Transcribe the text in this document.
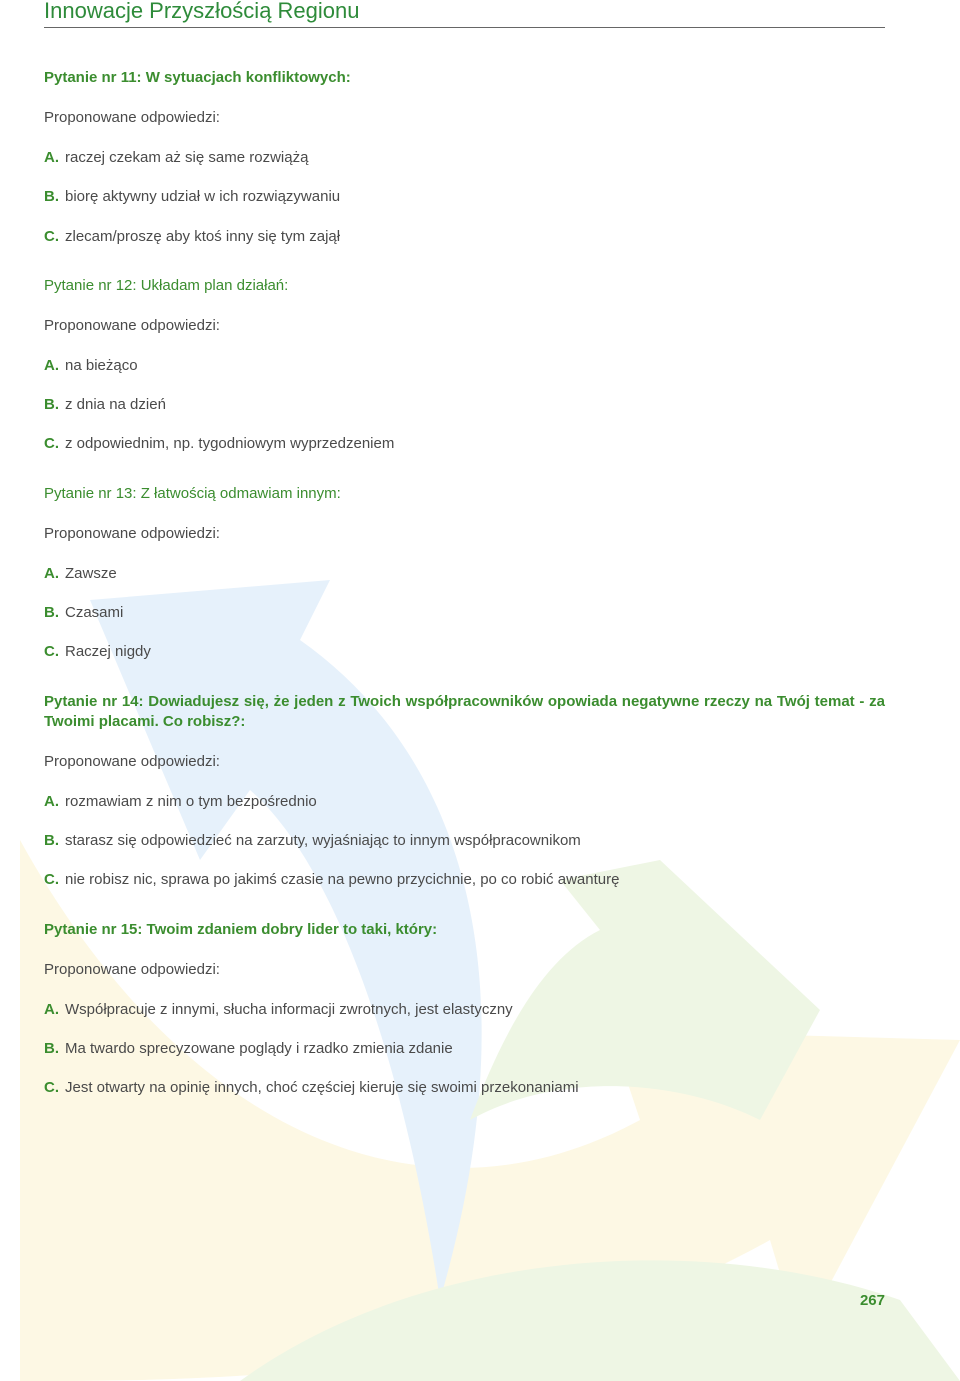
Innowacje Przyszłością Regionu

Pytanie nr 11: W sytuacjach konfliktowych:

Proponowane odpowiedzi:

A. raczej czekam aż się same rozwiążą

B. biorę aktywny udział w ich rozwiązywaniu

C. zlecam/proszę aby ktoś inny się tym zajął

Pytanie nr 12: Układam plan działań:

Proponowane odpowiedzi:

A. na bieżąco

B. z dnia na dzień

C. z odpowiednim, np. tygodniowym wyprzedzeniem

Pytanie nr 13: Z łatwością odmawiam innym:

Proponowane odpowiedzi:

A. Zawsze

B. Czasami

C. Raczej nigdy

Pytanie nr 14: Dowiadujesz się, że jeden z Twoich współpracowników opowiada negatywne rzeczy na Twój temat - za Twoimi placami. Co robisz?:

Proponowane odpowiedzi:

A. rozmawiam z nim o tym bezpośrednio

B. starasz się odpowiedzieć na zarzuty, wyjaśniając to innym współpracownikom

C. nie robisz nic, sprawa po jakimś czasie na pewno przycichnie, po co robić awanturę

Pytanie nr 15: Twoim zdaniem dobry lider to taki, który:

Proponowane odpowiedzi:

A. Współpracuje z innymi, słucha informacji zwrotnych, jest elastyczny

B. Ma twardo sprecyzowane poglądy i rzadko zmienia zdanie

C. Jest otwarty na opinię innych, choć częściej kieruje się swoimi przekonaniami

267
